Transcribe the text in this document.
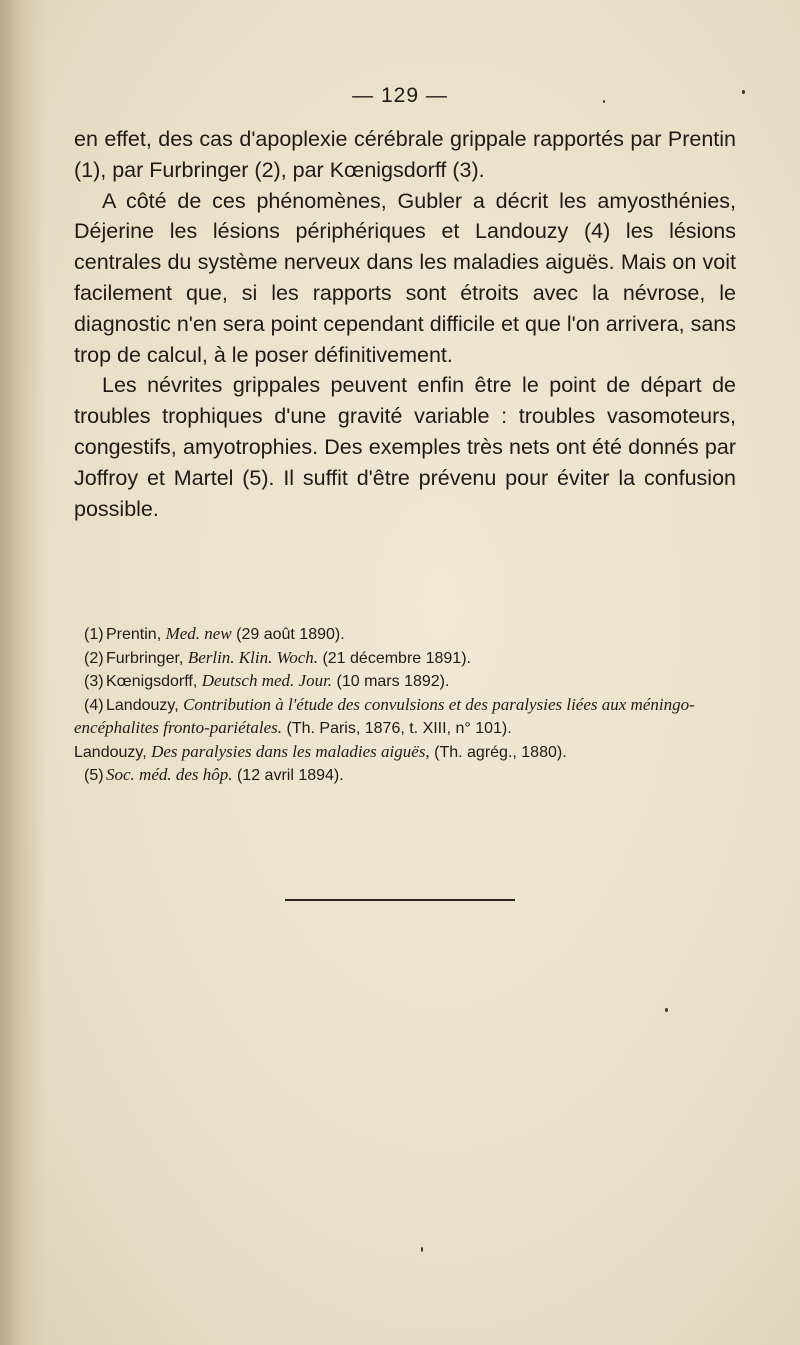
— 129 —

en effet, des cas d'apoplexie cérébrale grippale rapportés par Prentin (1), par Furbringer (2), par Kœnigsdorff (3).

A côté de ces phénomènes, Gubler a décrit les amyosthénies, Déjerine les lésions périphériques et Landouzy (4) les lésions centrales du système nerveux dans les maladies aiguës. Mais on voit facilement que, si les rapports sont étroits avec la névrose, le diagnostic n'en sera point cependant difficile et que l'on arrivera, sans trop de calcul, à le poser définitivement.

Les névrites grippales peuvent enfin être le point de départ de troubles trophiques d'une gravité variable : troubles vasomoteurs, congestifs, amyotrophies. Des exemples très nets ont été donnés par Joffroy et Martel (5). Il suffit d'être prévenu pour éviter la confusion possible.

(1) Prentin, Med. new (29 août 1890).

(2) Furbringer, Berlin. Klin. Woch. (21 décembre 1891).

(3) Kœnigsdorff, Deutsch med. Jour. (10 mars 1892).

(4) Landouzy, Contribution à l'étude des convulsions et des paralysies liées aux méningo-encéphalites fronto-pariétales. (Th. Paris, 1876, t. XIII, n° 101).

Landouzy, Des paralysies dans les maladies aiguës, (Th. agrég., 1880).

(5) Soc. méd. des hôp. (12 avril 1894).
